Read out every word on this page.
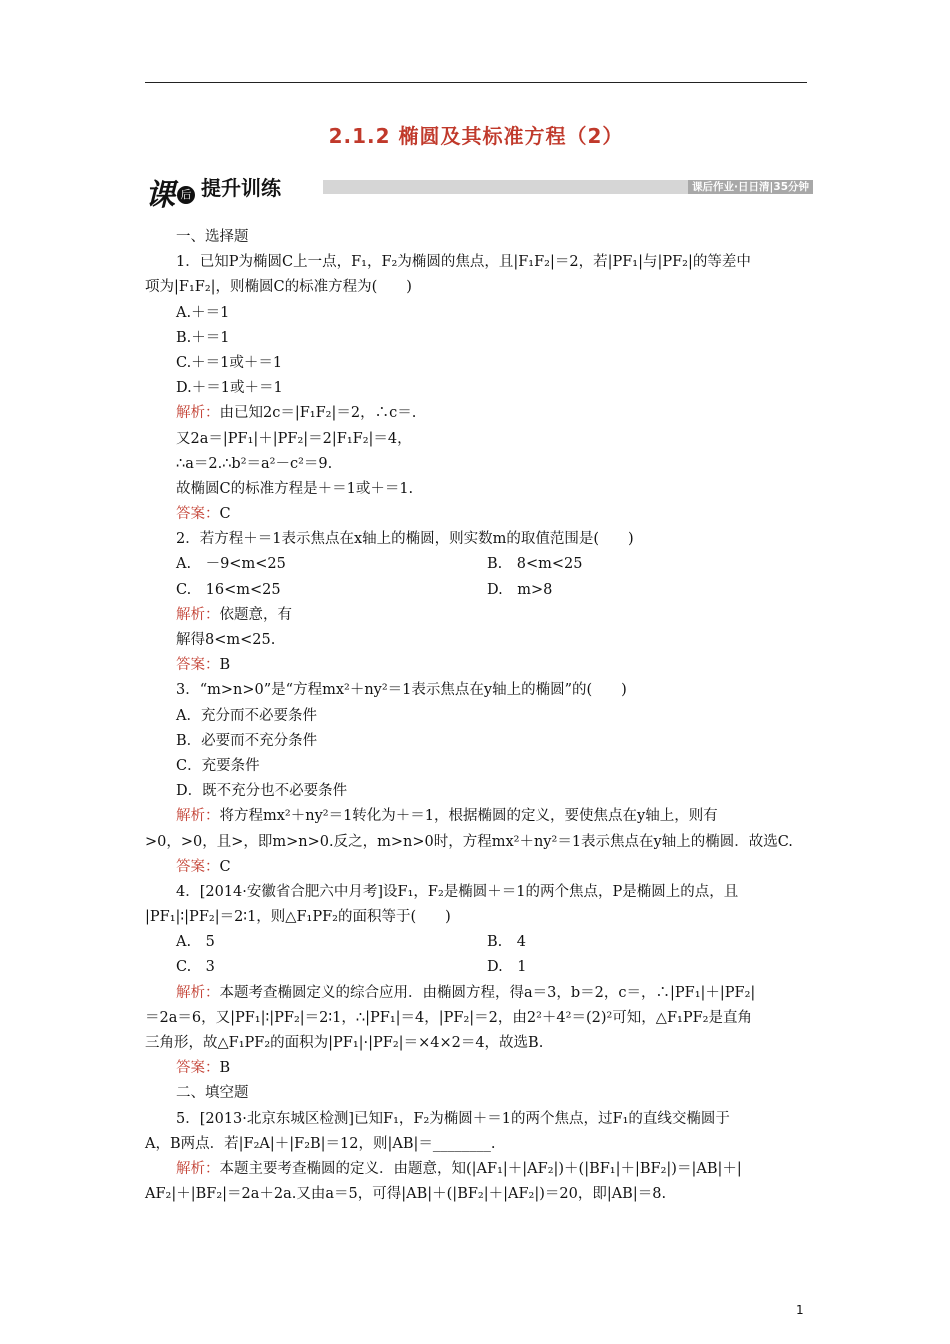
2.1.2 椭圆及其标准方程（2）
课 后 提升训练	课后作业·日日清|35分钟
一、选择题
1．已知P为椭圆C上一点，F₁，F₂为椭圆的焦点，且|F₁F₂|＝2，若|PF₁|与|PF₂|的等差中
项为|F₁F₂|，则椭圆C的标准方程为(　　)
A.＋＝1
B.＋＝1
C.＋＝1或＋＝1
D.＋＝1或＋＝1
解析：由已知2c＝|F₁F₂|＝2，∴c＝.
又2a＝|PF₁|＋|PF₂|＝2|F₁F₂|＝4，
∴a＝2.∴b²＝a²－c²＝9.
故椭圆C的标准方程是＋＝1或＋＝1.
答案：C
2．若方程＋＝1表示焦点在x轴上的椭圆，则实数m的取值范围是(　　)
A.　－9<m<25	B.　8<m<25
C.　16<m<25	D.　m>8
解析：依题意，有
解得8<m<25.
答案：B
3．“m>n>0”是“方程mx²＋ny²＝1表示焦点在y轴上的椭圆”的(　　)
A．充分而不必要条件
B．必要而不充分条件
C．充要条件
D．既不充分也不必要条件
解析：将方程mx²＋ny²＝1转化为＋＝1，根据椭圆的定义，要使焦点在y轴上，则有
>0，>0，且>，即m>n>0.反之，m>n>0时，方程mx²＋ny²＝1表示焦点在y轴上的椭圆．故选C.
答案：C
4．[2014·安徽省合肥六中月考]设F₁，F₂是椭圆＋＝1的两个焦点，P是椭圆上的点，且
|PF₁|∶|PF₂|＝2∶1，则△F₁PF₂的面积等于(　　)
A.　5	B.　4
C.　3	D.　1
解析：本题考查椭圆定义的综合应用．由椭圆方程，得a＝3，b＝2，c＝，∴|PF₁|＋|PF₂|
＝2a＝6，又|PF₁|∶|PF₂|＝2∶1，∴|PF₁|＝4，|PF₂|＝2，由2²＋4²＝(2)²可知，△F₁PF₂是直角
三角形，故△F₁PF₂的面积为|PF₁|·|PF₂|＝×4×2＝4，故选B.
答案：B
二、填空题
5．[2013·北京东城区检测]已知F₁，F₂为椭圆＋＝1的两个焦点，过F₁的直线交椭圆于
A，B两点．若|F₂A|＋|F₂B|＝12，则|AB|＝________.
解析：本题主要考查椭圆的定义．由题意，知(|AF₁|＋|AF₂|)＋(|BF₁|＋|BF₂|)＝|AB|＋|
AF₂|＋|BF₂|＝2a＋2a.又由a＝5，可得|AB|＋(|BF₂|＋|AF₂|)＝20，即|AB|＝8.
1
